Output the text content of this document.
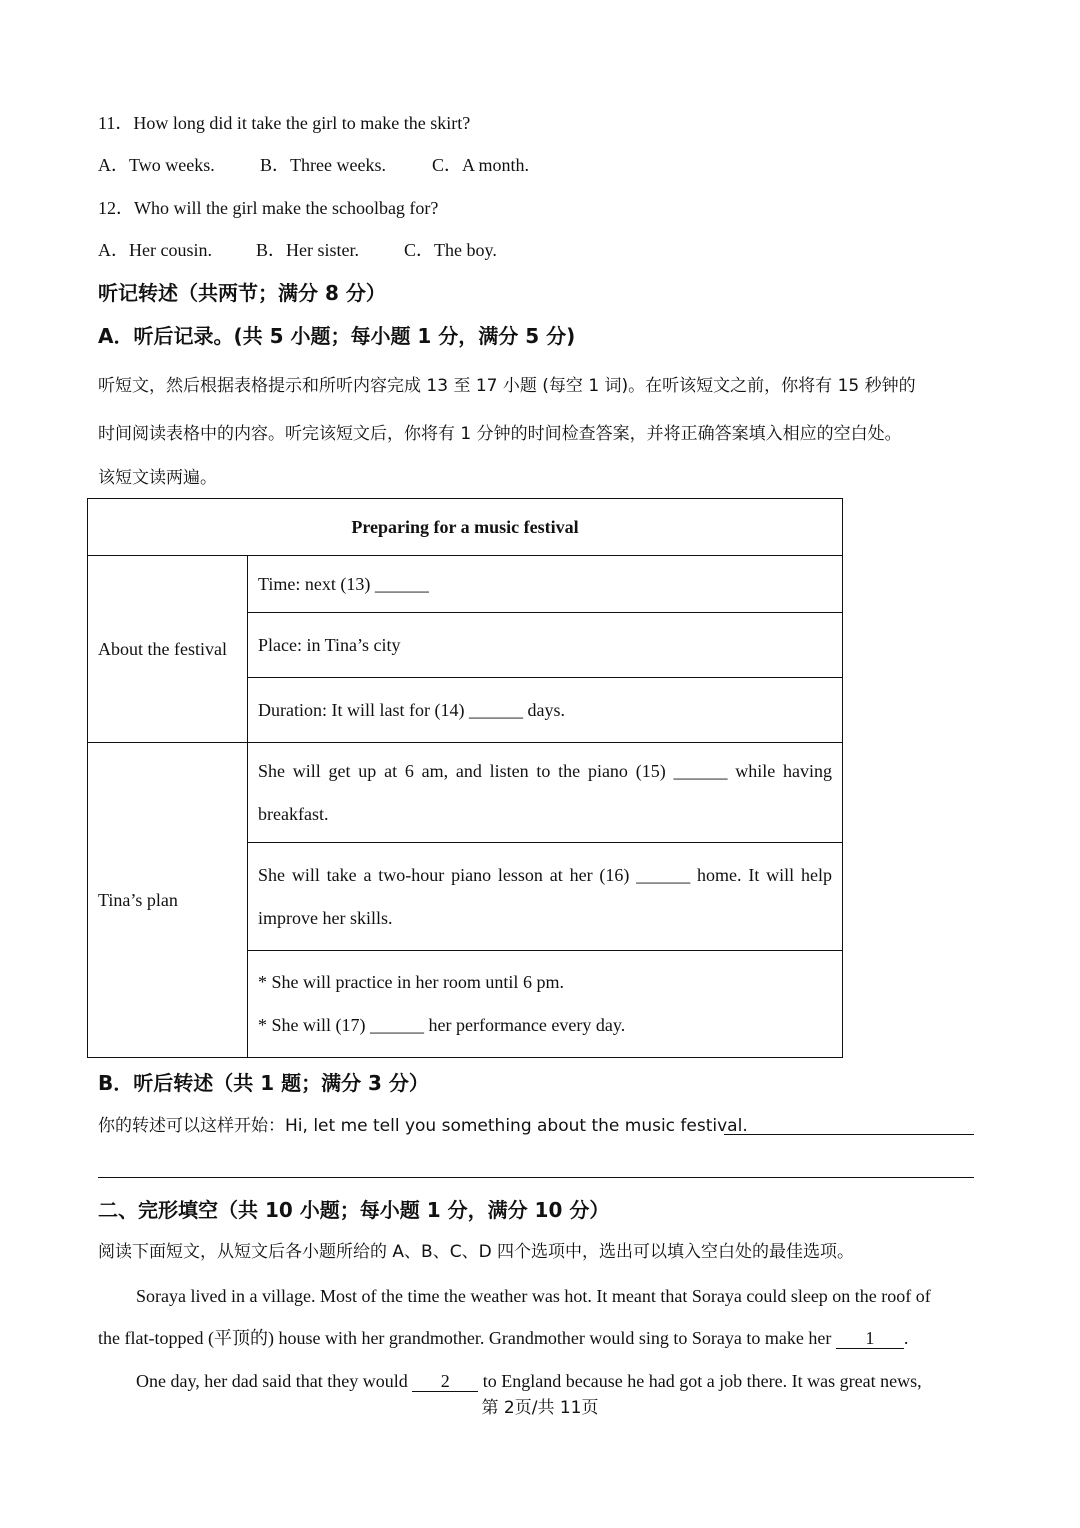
11．How long did it take the girl to make the skirt?
A．Two weeks.	B．Three weeks.	C．A month.
12．Who will the girl make the schoolbag for?
A．Her cousin. B．Her sister.	C．The boy.
听记转述（共两节；满分 8 分）
A．听后记录。(共 5 小题；每小题 1 分，满分 5 分)
听短文，然后根据表格提示和所听内容完成 13 至 17 小题 (每空 1 词)。在听该短文之前，你将有 15 秒钟的
时间阅读表格中的内容。听完该短文后，你将有 1 分钟的时间检查答案，并将正确答案填入相应的空白处。
该短文读两遍。
Preparing for a music festival	
About the festival	Time: next (13) ______
	Place: in Tina’s city
	Duration: It will last for (14) ______ days.
Tina’s plan	She will get up at 6 am, and listen to the piano (15) ______ while having
breakfast.

	She will take a two-hour piano lesson at her (16) ______ home. It will help
improve her skills.

	* She will practice in her room until 6 pm.
* She will (17) ______ her performance every day.
B．听后转述（共 1 题；满分 3 分）
你的转述可以这样开始：Hi, let me tell you something about the music festival.
二、完形填空（共 10 小题；每小题 1 分，满分 10 分）
阅读下面短文，从短文后各小题所给的 A、B、C、D 四个选项中，选出可以填入空白处的最佳选项。
Soraya lived in a village. Most of the time the weather was hot. It meant that Soraya could sleep on the roof of
the flat-topped (平顶的) house with her grandmother. Grandmother would sing to Soraya to make her 1 .
One day, her dad said that they would 2 to England because he had got a job there. It was great news,
第 2页/共 11页
